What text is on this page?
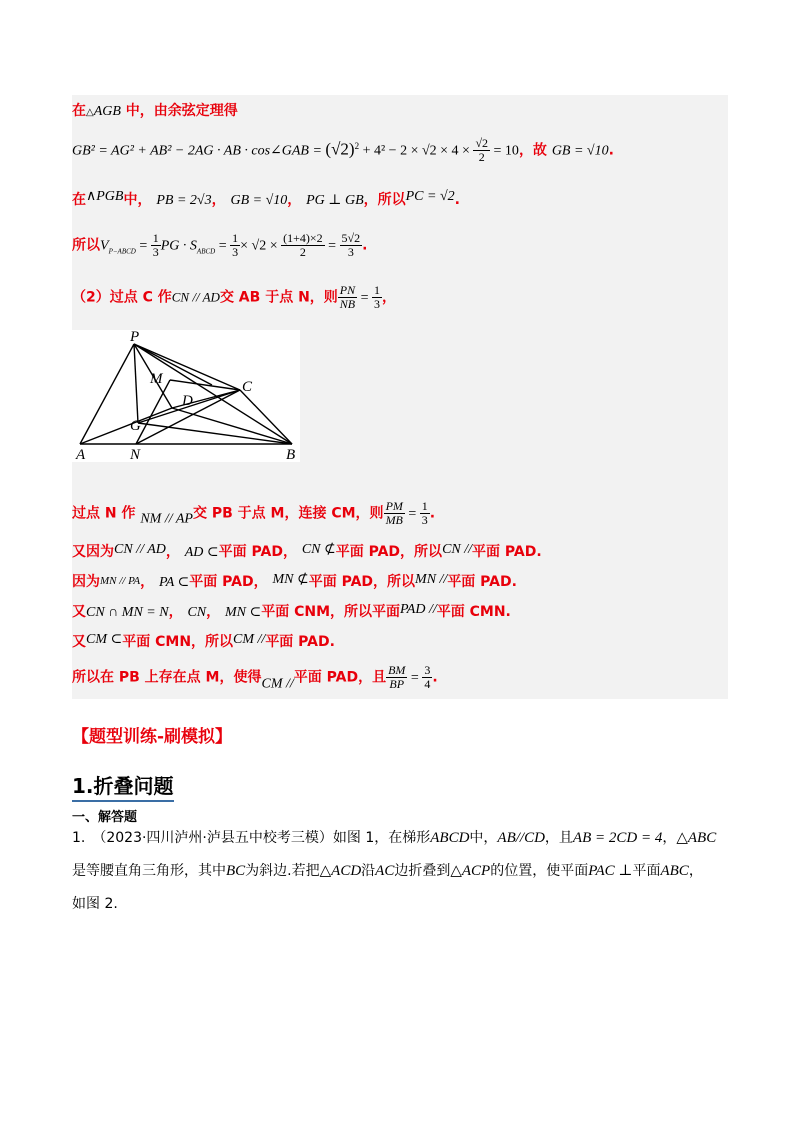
在△AGB 中，由余弦定理得
GB² = AG² + AB² − 2AG · AB · cos∠GAB = $(√2)^2 + 4^2 - 2 \times √2 \times 4 \times \frac{√2}{2} = 10$，故 GB = √10.
在∧PGB中， PB = 2√3， GB = √10， PG ⊥ GB，所以PC = √2.
所以$V_{P-ABCD} = \frac{1}{3}$ PG · $S_{ABCD} = \frac{1}{3} \times √2 \times \frac{(1+4)\times 2}{2} = \frac{5√2}{3}$ .
（2）过点 C 作CN // AD交 AB 于点 N，则 $\frac{PN}{NB} = \frac{1}{3}$ ，
P
M
D
C
G
A	N	B
过点 N 作 NM // AP交 PB 于点 M，连接 CM，则 $\frac{PM}{MB} = \frac{1}{3}$ .
又因为CN // AD， AD ⊂平面 PAD， CN ⊄平面 PAD，所以CN //平面 PAD.
因为MN // PA， PA ⊂平面 PAD， MN ⊄平面 PAD，所以MN //平面 PAD.
又CN ∩ MN = N， CN， MN ⊂平面 CNM，所以平面PAD //平面 CMN.
又CM ⊂平面 CMN，所以CM //平面 PAD.
所以在 PB 上存在点 M，使得CM //平面 PAD，且 $\frac{BM}{BP} = \frac{3}{4}$ .
【题型训练-刷模拟】
1.折叠问题
一、解答题
1.　（2023·四川泸州·泸县五中校考三模）如图 1，在梯形ABCD中，AB//CD，且AB = 2CD = 4，△ABC
是等腰直角三角形，其中BC为斜边.若把△ACD沿AC边折叠到△ACP的位置，使平面PAC ⊥平面ABC，
如图 2.
